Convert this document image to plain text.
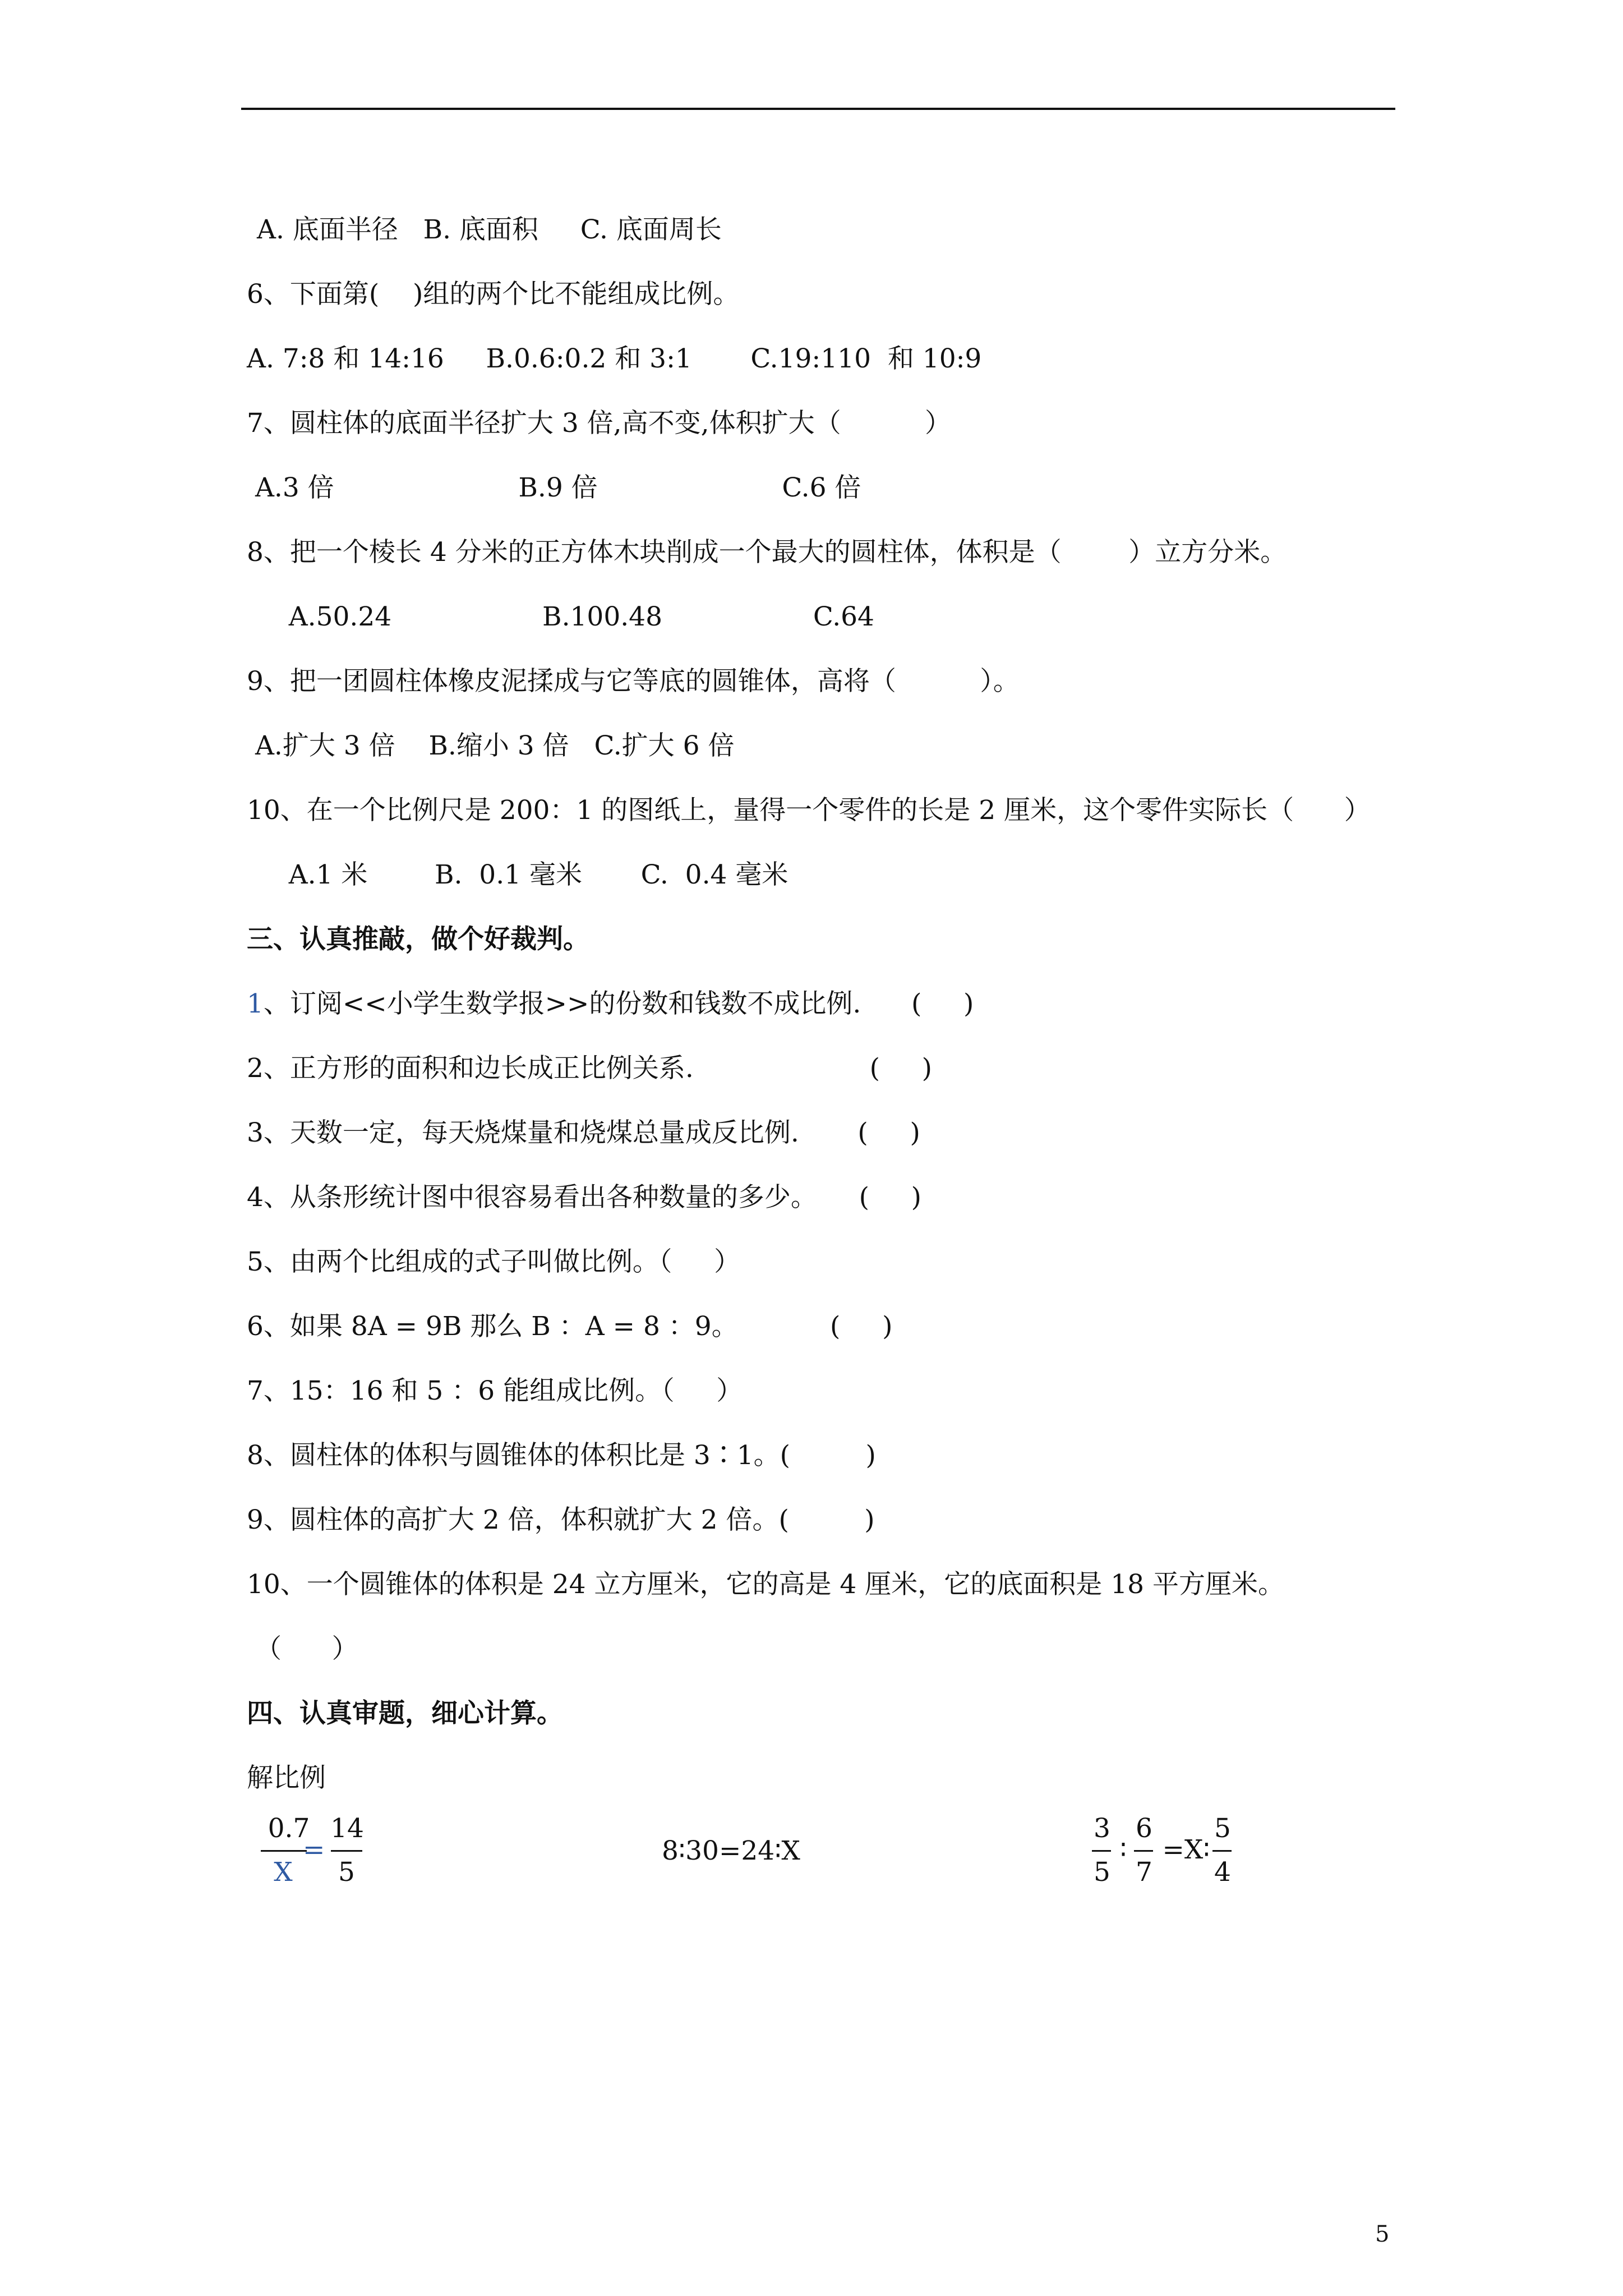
A. 底面半径   B. 底面积     C. 底面周长
6、下面第(    )组的两个比不能组成比例。
A. 7:8 和 14:16     B.0.6:0.2 和 3:1       C.19:110  和 10:9
7、圆柱体的底面半径扩大 3 倍,高不变,体积扩大（          ）
A.3 倍                      B.9 倍                      C.6 倍
8、把一个棱长 4 分米的正方体木块削成一个最大的圆柱体，体积是（        ）立方分米。
A.50.24                  B.100.48                  C.64
9、把一团圆柱体橡皮泥揉成与它等底的圆锥体，高将（          ）。
A.扩大 3 倍    B.缩小 3 倍   C.扩大 6 倍
10、在一个比例尺是 200：1 的图纸上，量得一个零件的长是 2 厘米，这个零件实际长（      ）
A.1 米        B.  0.1 毫米       C.  0.4 毫米
三、认真推敲，做个好裁判。
1、订阅<<小学生数学报>>的份数和钱数不成比例.      (     )
2、正方形的面积和边长成正比例关系.                     (     )
3、天数一定，每天烧煤量和烧煤总量成反比例.       (     )
4、从条形统计图中很容易看出各种数量的多少。     (     )
5、由两个比组成的式子叫做比例。（     ）
6、如果 8A = 9B 那么 B ：A = 8 ：9。           (     )
7、15：16 和 5 ：6 能组成比例。（     ）
8、圆柱体的体积与圆锥体的体积比是 3∶1。(         )
9、圆柱体的高扩大 2 倍，体积就扩大 2 倍。(         )
10、一个圆锥体的体积是 24 立方厘米，它的高是 4 厘米，它的底面积是 18 平方厘米。
（      ）
四、认真审题，细心计算。
解比例
0.7
X
=
14
5
8∶30=24∶X
3
5
∶
6
7
=X∶
5
4
5
